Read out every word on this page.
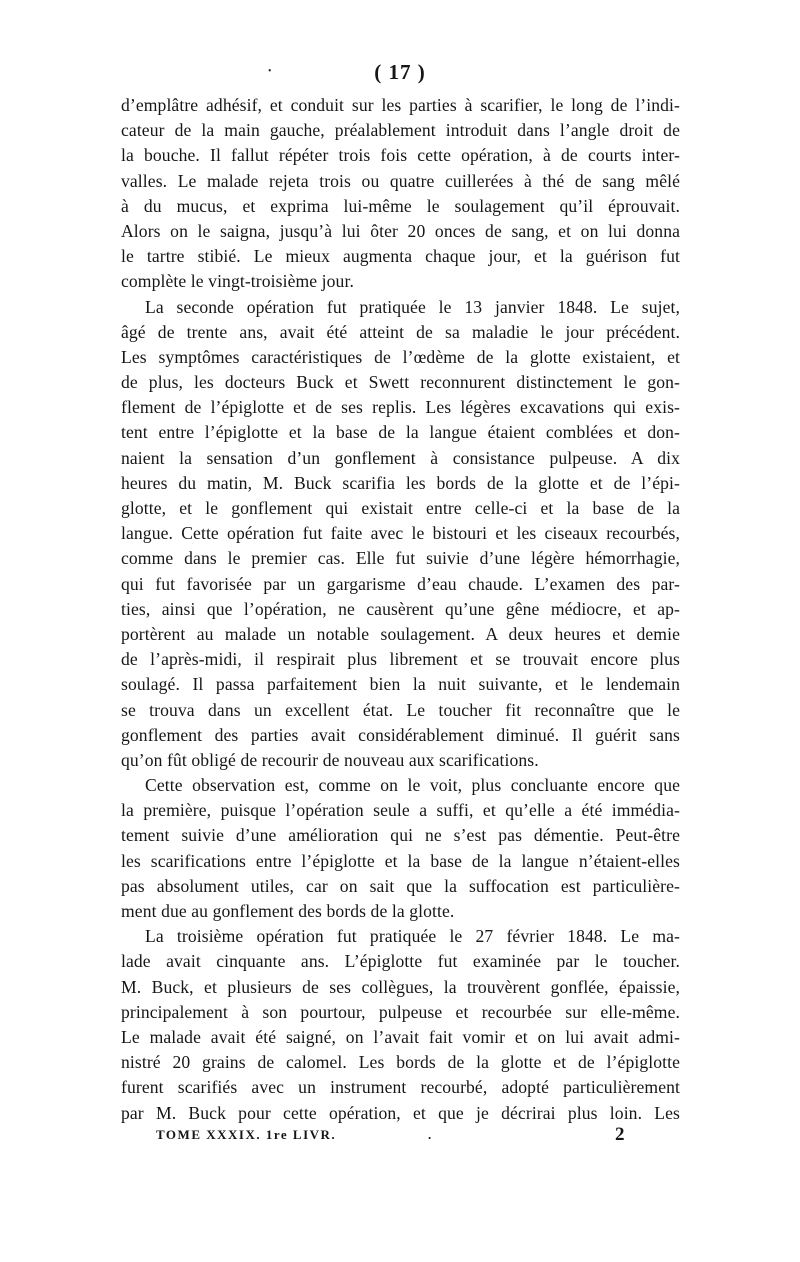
( 17 )
•
d’emplâtre adhésif, et conduit sur les parties à scarifier, le long de l’indi-
cateur de la main gauche, préalablement introduit dans l’angle droit de
la bouche. Il fallut répéter trois fois cette opération, à de courts inter-
valles. Le malade rejeta trois ou quatre cuillerées à thé de sang mêlé
à du mucus, et exprima lui-même le soulagement qu’il éprouvait.
Alors on le saigna, jusqu’à lui ôter 20 onces de sang, et on lui donna
le tartre stibié. Le mieux augmenta chaque jour, et la guérison fut
complète le vingt-troisième jour.
La seconde opération fut pratiquée le 13 janvier 1848. Le sujet,
âgé de trente ans, avait été atteint de sa maladie le jour précédent.
Les symptômes caractéristiques de l’œdème de la glotte existaient, et
de plus, les docteurs Buck et Swett reconnurent distinctement le gon-
flement de l’épiglotte et de ses replis. Les légères excavations qui exis-
tent entre l’épiglotte et la base de la langue étaient comblées et don-
naient la sensation d’un gonflement à consistance pulpeuse. A dix
heures du matin, M. Buck scarifia les bords de la glotte et de l’épi-
glotte, et le gonflement qui existait entre celle-ci et la base de la
langue. Cette opération fut faite avec le bistouri et les ciseaux recourbés,
comme dans le premier cas. Elle fut suivie d’une légère hémorrhagie,
qui fut favorisée par un gargarisme d’eau chaude. L’examen des par-
ties, ainsi que l’opération, ne causèrent qu’une gêne médiocre, et ap-
portèrent au malade un notable soulagement. A deux heures et demie
de l’après-midi, il respirait plus librement et se trouvait encore plus
soulagé. Il passa parfaitement bien la nuit suivante, et le lendemain
se trouva dans un excellent état. Le toucher fit reconnaître que le
gonflement des parties avait considérablement diminué. Il guérit sans
qu’on fût obligé de recourir de nouveau aux scarifications.
Cette observation est, comme on le voit, plus concluante encore que
la première, puisque l’opération seule a suffi, et qu’elle a été immédia-
tement suivie d’une amélioration qui ne s’est pas démentie. Peut-être
les scarifications entre l’épiglotte et la base de la langue n’étaient-elles
pas absolument utiles, car on sait que la suffocation est particulière-
ment due au gonflement des bords de la glotte.
La troisième opération fut pratiquée le 27 février 1848. Le ma-
lade avait cinquante ans. L’épiglotte fut examinée par le toucher.
M. Buck, et plusieurs de ses collègues, la trouvèrent gonflée, épaissie,
principalement à son pourtour, pulpeuse et recourbée sur elle-même.
Le malade avait été saigné, on l’avait fait vomir et on lui avait admi-
nistré 20 grains de calomel. Les bords de la glotte et de l’épiglotte
furent scarifiés avec un instrument recourbé, adopté particulièrement
par M. Buck pour cette opération, et que je décrirai plus loin. Les
TOME XXXIX. 1re LIVR.	.	2
